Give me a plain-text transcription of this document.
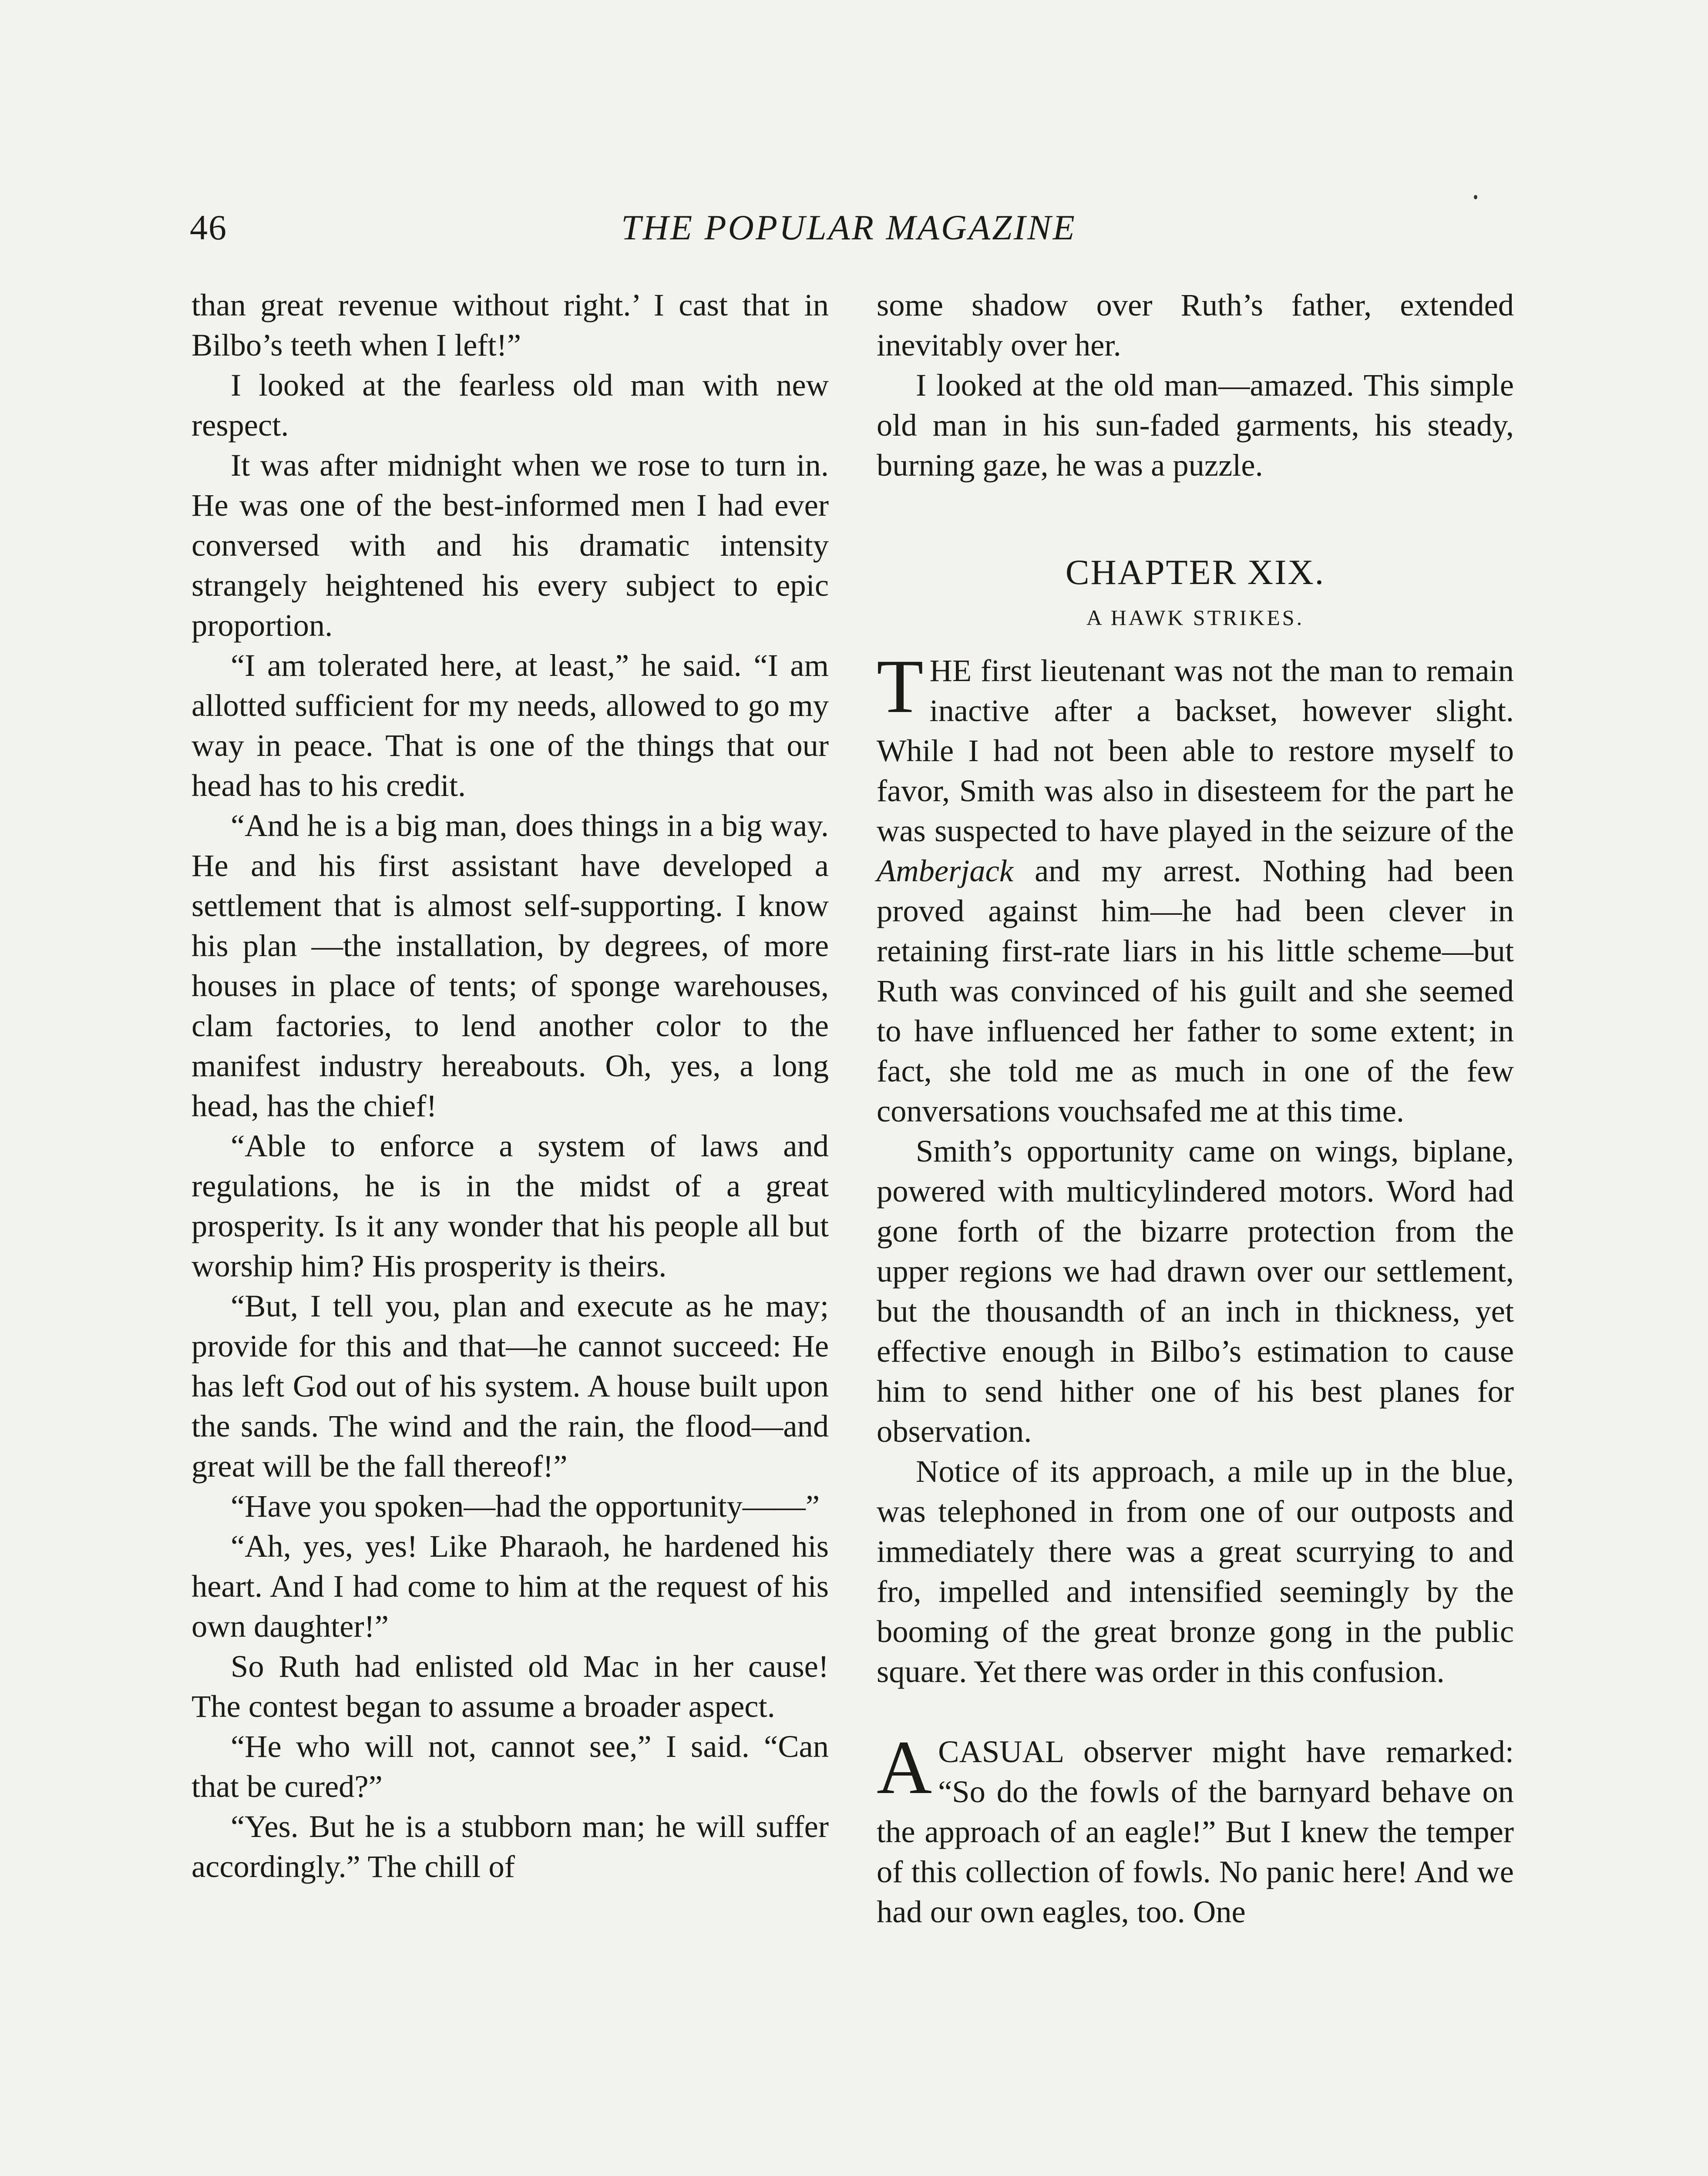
46	THE POPULAR MAGAZINE

than great revenue without right.’ I cast that in Bilbo’s teeth when I left!”

I looked at the fearless old man with new respect.

It was after midnight when we rose to turn in. He was one of the best-informed men I had ever conversed with and his dramatic intensity strangely heightened his every subject to epic proportion.

“I am tolerated here, at least,” he said. “I am allotted sufficient for my needs, allowed to go my way in peace. That is one of the things that our head has to his credit.

“And he is a big man, does things in a big way. He and his first assistant have developed a settlement that is almost self-supporting. I know his plan —the installation, by degrees, of more houses in place of tents; of sponge warehouses, clam factories, to lend another color to the manifest industry hereabouts. Oh, yes, a long head, has the chief!

“Able to enforce a system of laws and regulations, he is in the midst of a great prosperity. Is it any wonder that his people all but worship him? His prosperity is theirs.

“But, I tell you, plan and execute as he may; provide for this and that—he cannot succeed: He has left God out of his system. A house built upon the sands. The wind and the rain, the flood—and great will be the fall thereof!”

“Have you spoken—had the opportunity——”

“Ah, yes, yes! Like Pharaoh, he hardened his heart. And I had come to him at the request of his own daughter!”

So Ruth had enlisted old Mac in her cause! The contest began to assume a broader aspect.

“He who will not, cannot see,” I said. “Can that be cured?”

“Yes. But he is a stubborn man; he will suffer accordingly.” The chill of

some shadow over Ruth’s father, extended inevitably over her.

I looked at the old man—amazed. This simple old man in his sun-faded garments, his steady, burning gaze, he was a puzzle.

CHAPTER XIX.
A HAWK STRIKES.

THE first lieutenant was not the man to remain inactive after a backset, however slight. While I had not been able to restore myself to favor, Smith was also in disesteem for the part he was suspected to have played in the seizure of the Amberjack and my arrest. Nothing had been proved against him—he had been clever in retaining first-rate liars in his little scheme—but Ruth was convinced of his guilt and she seemed to have influenced her father to some extent; in fact, she told me as much in one of the few conversations vouchsafed me at this time.

Smith’s opportunity came on wings, biplane, powered with multicylindered motors. Word had gone forth of the bizarre protection from the upper regions we had drawn over our settlement, but the thousandth of an inch in thickness, yet effective enough in Bilbo’s estimation to cause him to send hither one of his best planes for observation.

Notice of its approach, a mile up in the blue, was telephoned in from one of our outposts and immediately there was a great scurrying to and fro, impelled and intensified seemingly by the booming of the great bronze gong in the public square. Yet there was order in this confusion.

A CASUAL observer might have remarked: “So do the fowls of the barnyard behave on the approach of an eagle!” But I knew the temper of this collection of fowls. No panic here! And we had our own eagles, too. One
